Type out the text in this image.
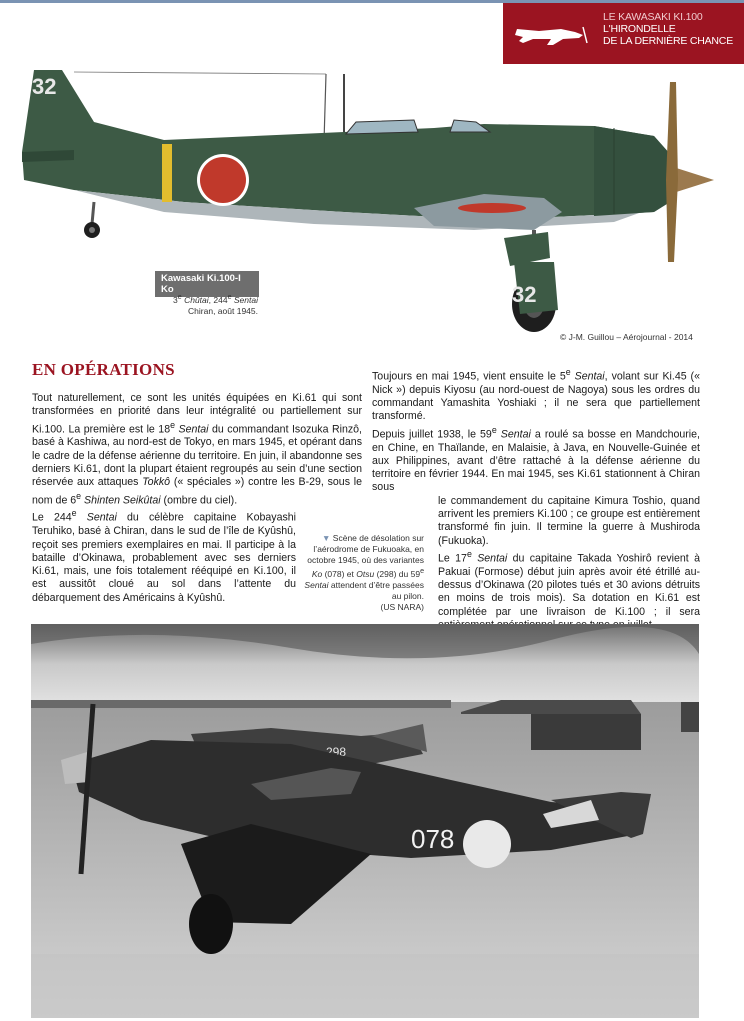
LE KAWASAKI KI.100
L'HIRONDELLE
DE LA DERNIÈRE CHANCE
32
32
Kawasaki Ki.100-I Ko
3e Chûtai, 244e Sentai
Chiran, août 1945.
© J-M. Guillou – Aérojournal - 2014
EN OPÉRATIONS

Tout naturellement, ce sont les unités équipées en Ki.61 qui sont transformées en priorité dans leur intégralité ou partiellement sur Ki.100. La première est le 18e Sentai du commandant Isozuka Rinzô, basé à Kashiwa, au nord-est de Tokyo, en mars 1945, et opérant dans le cadre de la défense aérienne du territoire. En juin, il abandonne ses derniers Ki.61, dont la plupart étaient regroupés au sein d’une section réservée aux attaques Tokkô (« spéciales ») contre les B-29, sous le nom de 6e Shinten Seikûtai (ombre du ciel).

Le 244e Sentai du célèbre capitaine Kobayashi Teruhiko, basé à Chiran, dans le sud de l’île de Kyûshû, reçoit ses premiers exemplaires en mai. Il participe à la bataille d’Okinawa, probablement avec ses derniers Ki.61, mais, une fois totalement rééquipé en Ki.100, il est aussitôt cloué au sol dans l’attente du débarquement des Américains à Kyûshû.

Toujours en mai 1945, vient ensuite le 5e Sentai, volant sur Ki.45 (« Nick ») depuis Kiyosu (au nord-ouest de Nagoya) sous les ordres du commandant Yamashita Yoshiaki ; il ne sera que partiellement transformé.

Depuis juillet 1938, le 59e Sentai a roulé sa bosse en Mandchourie, en Chine, en Thaïlande, en Malaisie, à Java, en Nouvelle-Guinée et aux Philippines, avant d’être rattaché à la défense aérienne du territoire en février 1944. En mai 1945, ses Ki.61 stationnent à Chiran sous

le commandement du capitaine Kimura Toshio, quand arrivent les premiers Ki.100 ; ce groupe est entièrement transformé fin juin. Il termine la guerre à Mushiroda (Fukuoka).

Le 17e Sentai du capitaine Takada Yoshirô revient à Pakuai (Formose) début juin après avoir été étrillé au-dessus d’Okinawa (20 pilotes tués et 30 avions détruits en moins de trois mois). Sa dotation en Ki.61 est complétée par une livraison de Ki.100 ; il sera

▼ Scène de désolation sur l’aérodrome de Fukuoaka, en octobre 1945, où des variantes Ko (078) et Otsu (298) du 59e Sentai attendent d’être passées au pilon.
(US NARA)
298
078
